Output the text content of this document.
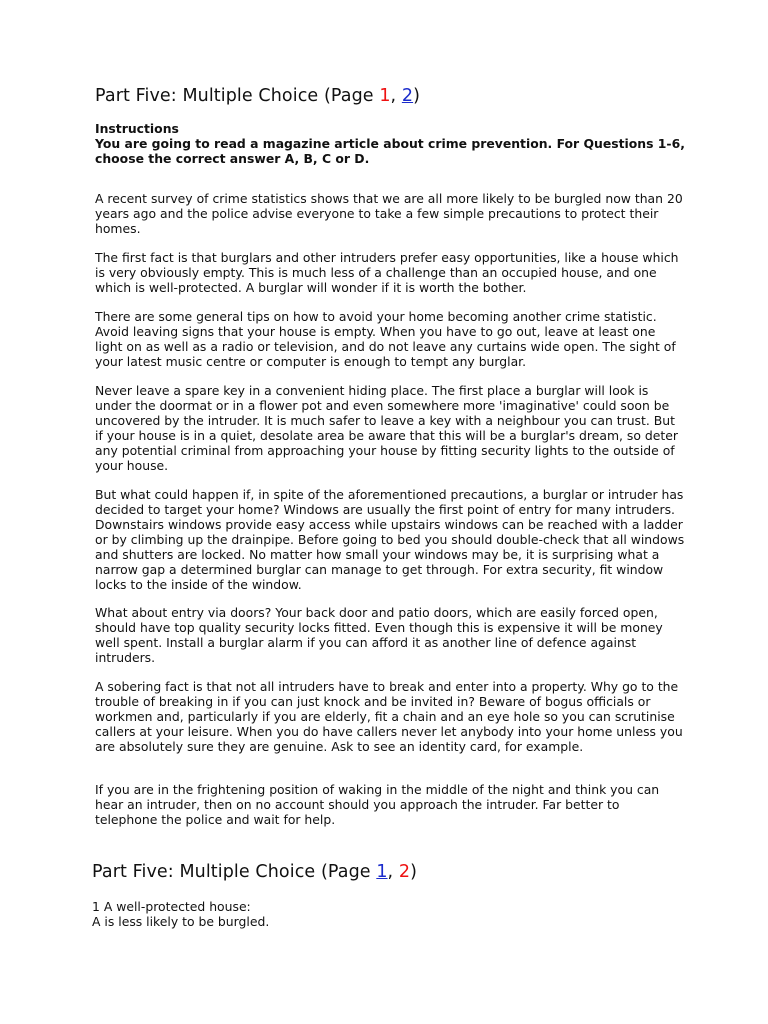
Part Five: Multiple Choice (Page 1, 2)
Instructions
You are going to read a magazine article about crime prevention. For Questions 1-6, choose the correct answer A, B, C or D.

A recent survey of crime statistics shows that we are all more likely to be burgled now than 20 years ago and the police advise everyone to take a few simple precautions to protect their homes.

The first fact is that burglars and other intruders prefer easy opportunities, like a house which is very obviously empty. This is much less of a challenge than an occupied house, and one which is well-protected. A burglar will wonder if it is worth the bother.

There are some general tips on how to avoid your home becoming another crime statistic. Avoid leaving signs that your house is empty. When you have to go out, leave at least one light on as well as a radio or television, and do not leave any curtains wide open. The sight of your latest music centre or computer is enough to tempt any burglar.

Never leave a spare key in a convenient hiding place. The first place a burglar will look is under the doormat or in a flower pot and even somewhere more 'imaginative' could soon be uncovered by the intruder. It is much safer to leave a key with a neighbour you can trust. But if your house is in a quiet, desolate area be aware that this will be a burglar's dream, so deter any potential criminal from approaching your house by fitting security lights to the outside of your house.

But what could happen if, in spite of the aforementioned precautions, a burglar or intruder has decided to target your home? Windows are usually the first point of entry for many intruders. Downstairs windows provide easy access while upstairs windows can be reached with a ladder or by climbing up the drainpipe. Before going to bed you should double-check that all windows and shutters are locked. No matter how small your windows may be, it is surprising what a narrow gap a determined burglar can manage to get through. For extra security, fit window locks to the inside of the window.

What about entry via doors? Your back door and patio doors, which are easily forced open, should have top quality security locks fitted. Even though this is expensive it will be money well spent. Install a burglar alarm if you can afford it as another line of defence against intruders.

A sobering fact is that not all intruders have to break and enter into a property. Why go to the trouble of breaking in if you can just knock and be invited in? Beware of bogus officials or workmen and, particularly if you are elderly, fit a chain and an eye hole so you can scrutinise callers at your leisure. When you do have callers never let anybody into your home unless you are absolutely sure they are genuine. Ask to see an identity card, for example.

If you are in the frightening position of waking in the middle of the night and think you can hear an intruder, then on no account should you approach the intruder. Far better to telephone the police and wait for help.

Part Five: Multiple Choice (Page 1, 2)

1 A well-protected house:

A is less likely to be burgled.
